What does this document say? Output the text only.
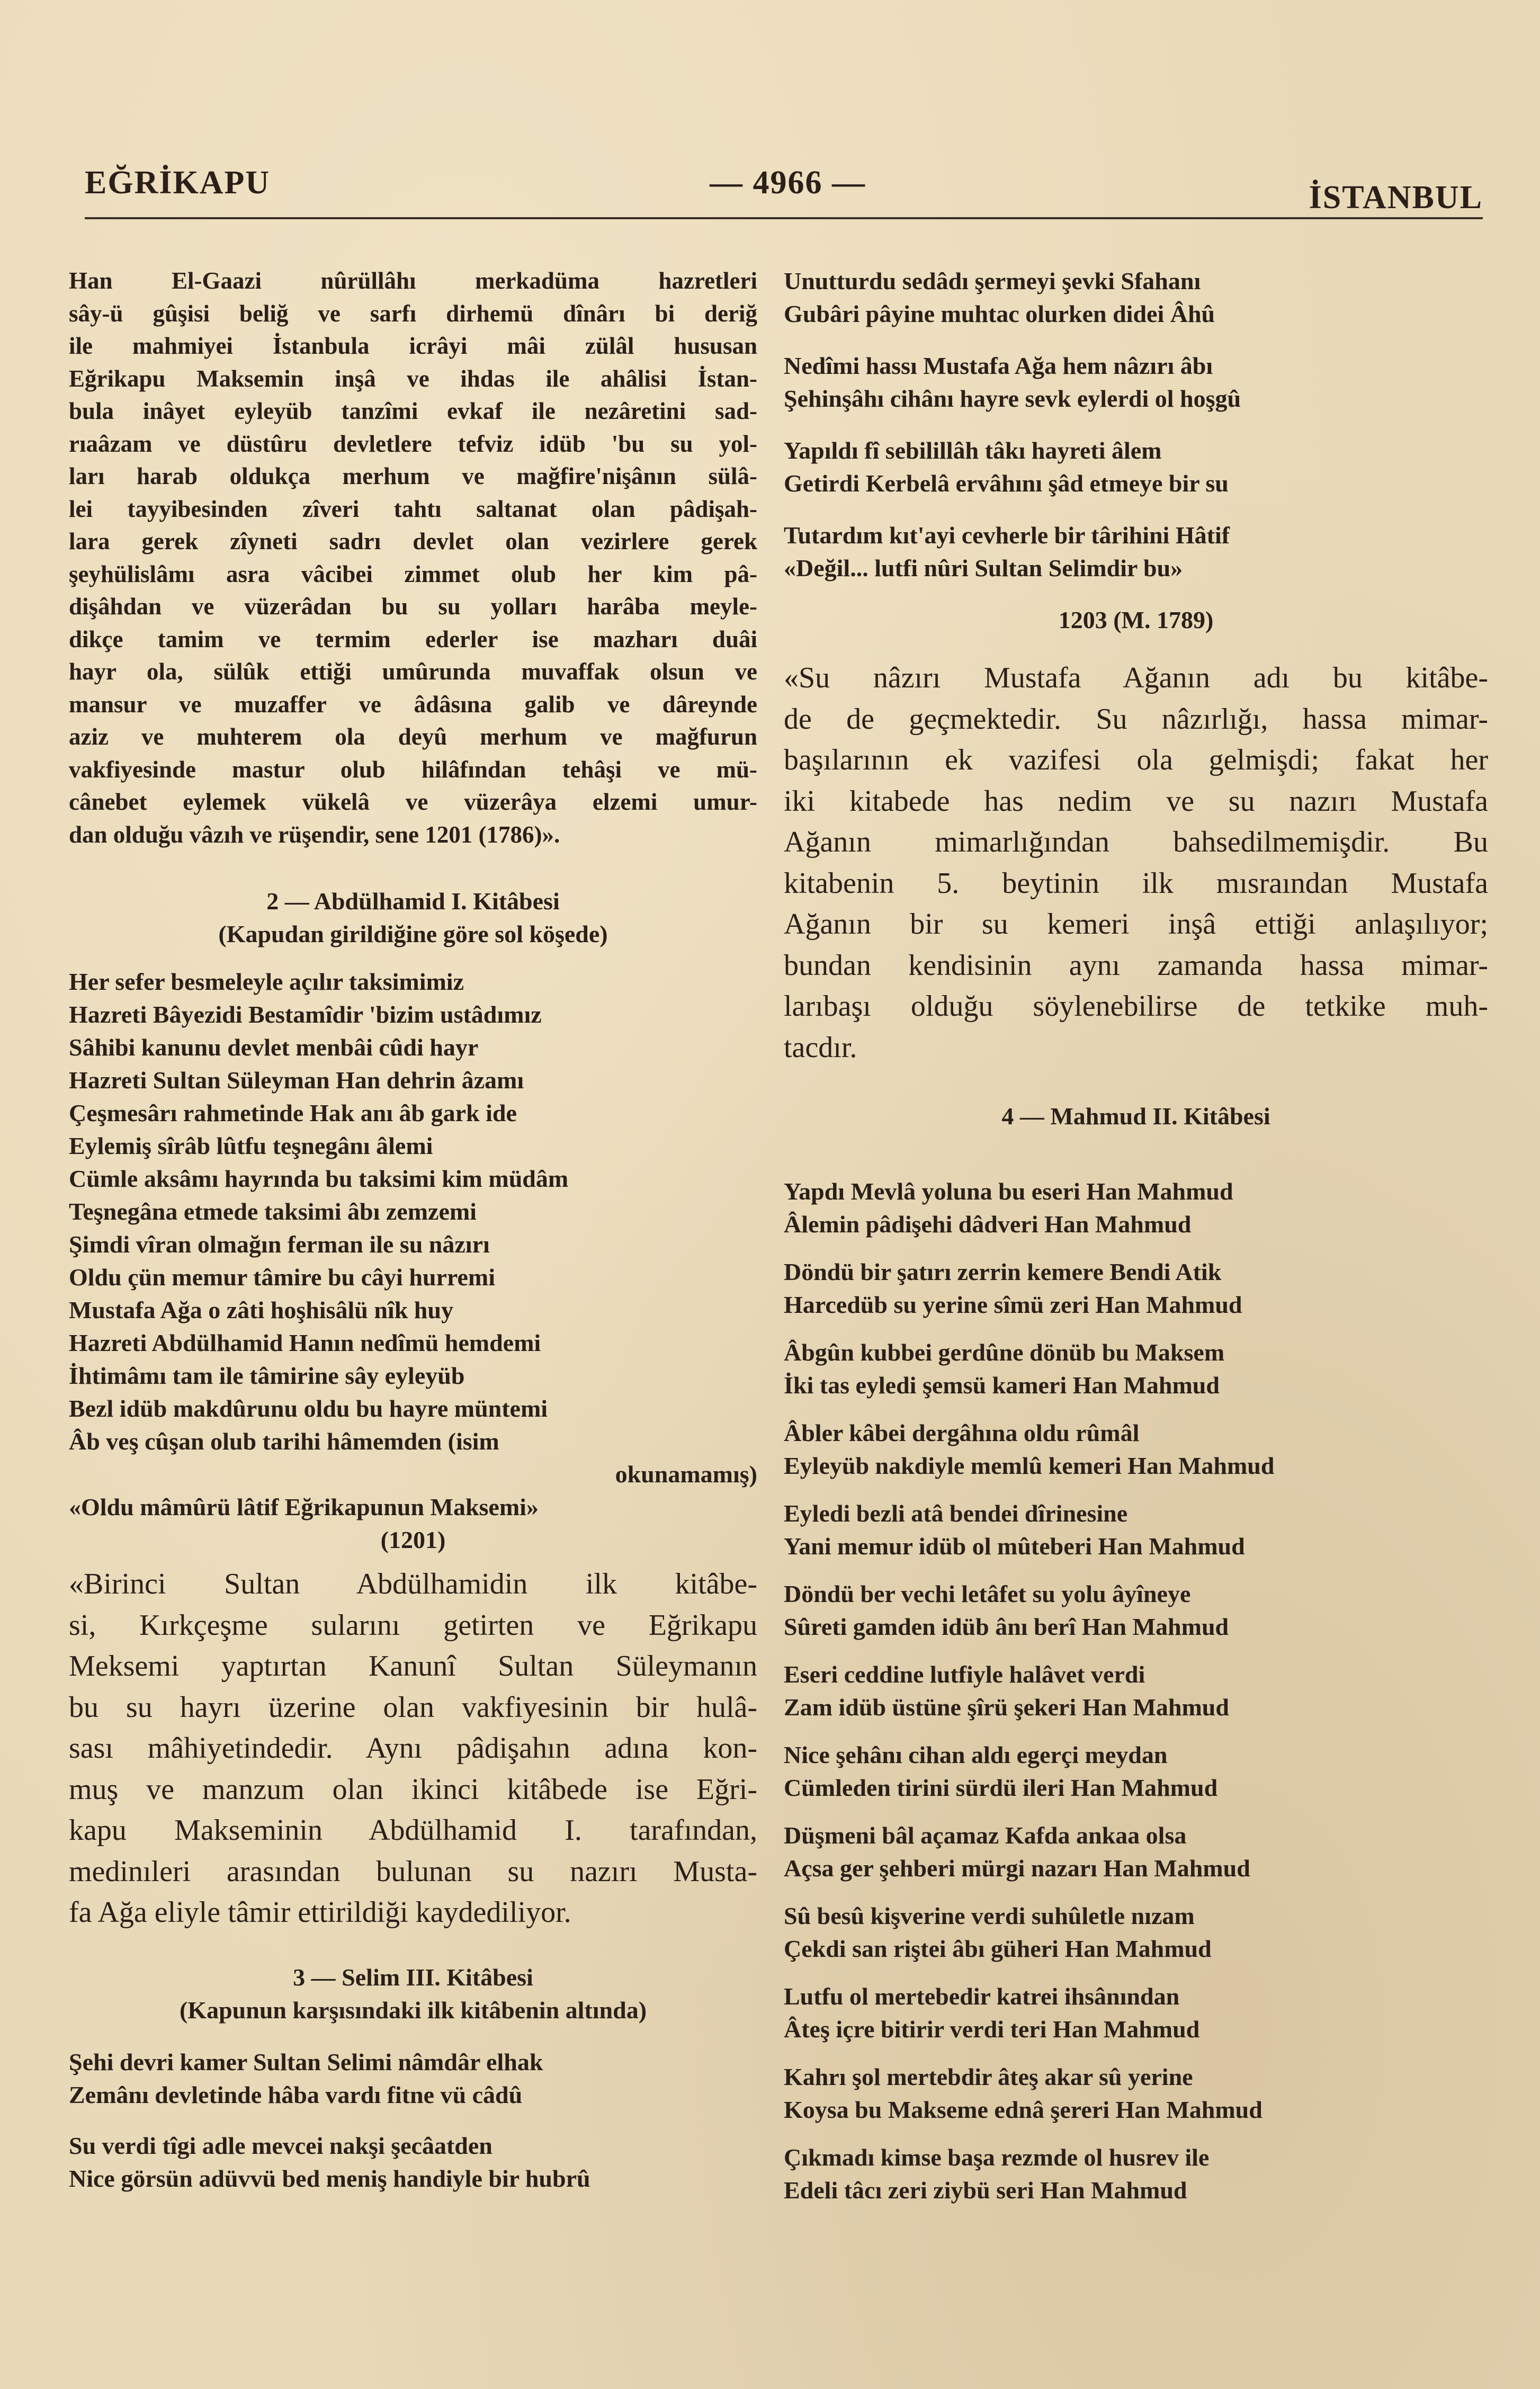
EĞRİKAPU	— 4966 —	İSTANBUL

Han El-Gaazi nûrüllâhı merkadüma hazretleri

sây-ü gûşisi beliğ ve sarfı dirhemü dînârı bi deriğ

ile mahmiyei İstanbula icrâyi mâi zülâl hususan

Eğrikapu Maksemin inşâ ve ihdas ile ahâlisi İstan-

bula inâyet eyleyüb tanzîmi evkaf ile nezâretini sad-

rıaâzam ve düstûru devletlere tefviz idüb 'bu su yol-

ları harab oldukça merhum ve mağfire'nişânın sülâ-

lei tayyibesinden zîveri tahtı saltanat olan pâdişah-

lara gerek zîyneti sadrı devlet olan vezirlere gerek

şeyhülislâmı asra vâcibei zimmet olub her kim pâ-

dişâhdan ve vüzerâdan bu su yolları harâba meyle-

dikçe tamim ve termim ederler ise mazharı duâi

hayr ola, sülûk ettiği umûrunda muvaffak olsun ve

mansur ve muzaffer ve âdâsına galib ve dâreynde

aziz ve muhterem ola deyû merhum ve mağfurun

vakfiyesinde mastur olub hilâfından tehâşi ve mü-

cânebet eylemek vükelâ ve vüzerâya elzemi umur-

dan olduğu vâzıh ve rüşendir, sene 1201 (1786)».

2 — Abdülhamid I. Kitâbesi

(Kapudan girildiğine göre sol köşede)

Her sefer besmeleyle açılır taksimimiz

Hazreti Bâyezidi Bestamîdir 'bizim ustâdımız

Sâhibi kanunu devlet menbâi cûdi hayr

Hazreti Sultan Süleyman Han dehrin âzamı

Çeşmesârı rahmetinde Hak anı âb gark ide

Eylemiş sîrâb lûtfu teşnegânı âlemi

Cümle aksâmı hayrında bu taksimi kim müdâm

Teşnegâna etmede taksimi âbı zemzemi

Şimdi vîran olmağın ferman ile su nâzırı

Oldu çün memur tâmire bu câyi hurremi

Mustafa Ağa o zâti hoşhisâlü nîk huy

Hazreti Abdülhamid Hanın nedîmü hemdemi

İhtimâmı tam ile tâmirine sây eyleyüb

Bezl idüb makdûrunu oldu bu hayre müntemi

Âb veş cûşan olub tarihi hâmemden (isim

okunamamış)

«Oldu mâmûrü lâtif Eğrikapunun Maksemi»

(1201)

«Birinci Sultan Abdülhamidin ilk kitâbe-

si, Kırkçeşme sularını getirten ve Eğrikapu

Meksemi yaptırtan Kanunî Sultan Süleymanın

bu su hayrı üzerine olan vakfiyesinin bir hulâ-

sası mâhiyetindedir. Aynı pâdişahın adına kon-

muş ve manzum olan ikinci kitâbede ise Eğri-

kapu Makseminin Abdülhamid I. tarafından,

medinıleri arasından bulunan su nazırı Musta-

fa Ağa eliyle tâmir ettirildiği kaydediliyor.

3 — Selim III. Kitâbesi

(Kapunun karşısındaki ilk kitâbenin altında)

Şehi devri kamer Sultan Selimi nâmdâr elhak

Zemânı devletinde hâba vardı fitne vü câdû

Su verdi tîgi adle mevcei nakşi şecâatden

Nice görsün adüvvü bed meniş handiyle bir hubrû

Unutturdu sedâdı şermeyi şevki Sfahanı

Gubâri pâyine muhtac olurken didei Âhû

Nedîmi hassı Mustafa Ağa hem nâzırı âbı

Şehinşâhı cihânı hayre sevk eylerdi ol hoşgû

Yapıldı fî sebilillâh tâkı hayreti âlem

Getirdi Kerbelâ ervâhını şâd etmeye bir su

Tutardım kıt'ayi cevherle bir târihini Hâtif

«Değil... lutfi nûri Sultan Selimdir bu»

1203 (M. 1789)

«Su nâzırı Mustafa Ağanın adı bu kitâbe-

de de geçmektedir. Su nâzırlığı, hassa mimar-

başılarının ek vazifesi ola gelmişdi; fakat her

iki kitabede has nedim ve su nazırı Mustafa

Ağanın mimarlığından bahsedilmemişdir. Bu

kitabenin 5. beytinin ilk mısraından Mustafa

Ağanın bir su kemeri inşâ ettiği anlaşılıyor;

bundan kendisinin aynı zamanda hassa mimar-

larıbaşı olduğu söylenebilirse de tetkike muh-

tacdır.

4 — Mahmud II. Kitâbesi

Yapdı Mevlâ yoluna bu eseri Han Mahmud

Âlemin pâdişehi dâdveri Han Mahmud

Döndü bir şatırı zerrin kemere Bendi Atik

Harcedüb su yerine sîmü zeri Han Mahmud

Âbgûn kubbei gerdûne dönüb bu Maksem

İki tas eyledi şemsü kameri Han Mahmud

Âbler kâbei dergâhına oldu rûmâl

Eyleyüb nakdiyle memlû kemeri Han Mahmud

Eyledi bezli atâ bendei dîrinesine

Yani memur idüb ol mûteberi Han Mahmud

Döndü ber vechi letâfet su yolu âyîneye

Sûreti gamden idüb ânı berî Han Mahmud

Eseri ceddine lutfiyle halâvet verdi

Zam idüb üstüne şîrü şekeri Han Mahmud

Nice şehânı cihan aldı egerçi meydan

Cümleden tirini sürdü ileri Han Mahmud

Düşmeni bâl açamaz Kafda ankaa olsa

Açsa ger şehberi mürgi nazarı Han Mahmud

Sû besû kişverine verdi suhûletle nızam

Çekdi san riştei âbı güheri Han Mahmud

Lutfu ol mertebedir katrei ihsânından

Âteş içre bitirir verdi teri Han Mahmud

Kahrı şol mertebdir âteş akar sû yerine

Koysa bu Makseme ednâ şereri Han Mahmud

Çıkmadı kimse başa rezmde ol husrev ile

Edeli tâcı zeri ziybü seri Han Mahmud
